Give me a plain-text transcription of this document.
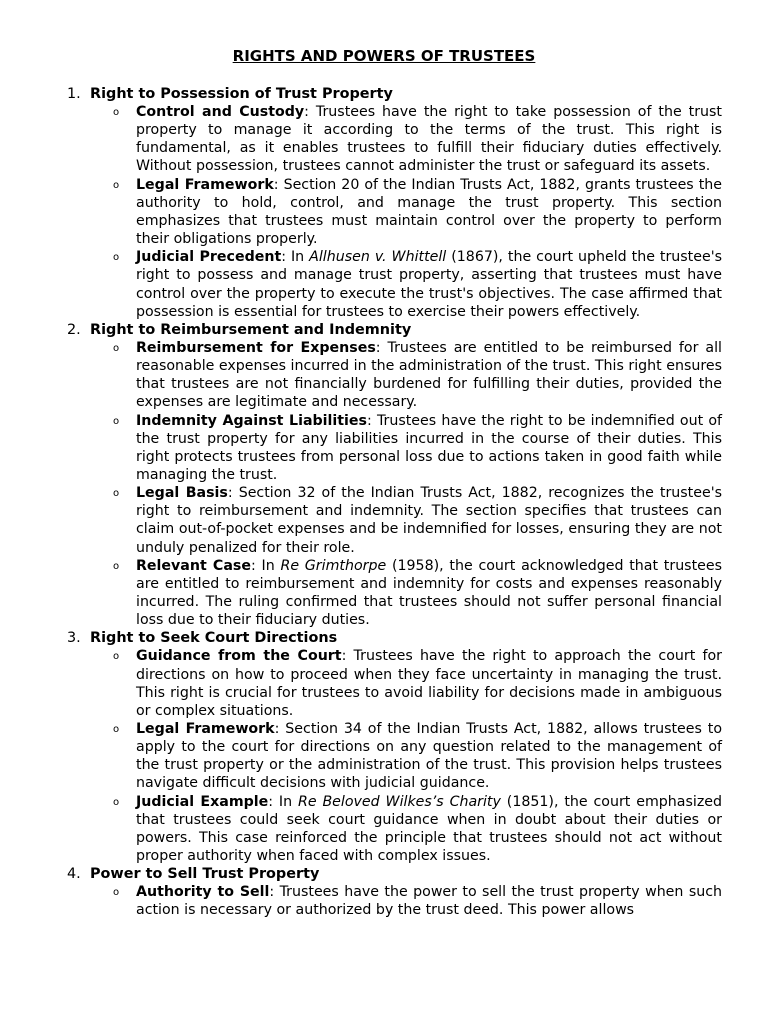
RIGHTS AND POWERS OF TRUSTEES
1. Right to Possession of Trust Property
o Control and Custody: Trustees have the right to take possession of the trust property to manage it according to the terms of the trust. This right is fundamental, as it enables trustees to fulfill their fiduciary duties effectively. Without possession, trustees cannot administer the trust or safeguard its assets.
o Legal Framework: Section 20 of the Indian Trusts Act, 1882, grants trustees the authority to hold, control, and manage the trust property. This section emphasizes that trustees must maintain control over the property to perform their obligations properly.
o Judicial Precedent: In Allhusen v. Whittell (1867), the court upheld the trustee's right to possess and manage trust property, asserting that trustees must have control over the property to execute the trust's objectives. The case affirmed that possession is essential for trustees to exercise their powers effectively.
2. Right to Reimbursement and Indemnity
o Reimbursement for Expenses: Trustees are entitled to be reimbursed for all reasonable expenses incurred in the administration of the trust. This right ensures that trustees are not financially burdened for fulfilling their duties, provided the expenses are legitimate and necessary.
o Indemnity Against Liabilities: Trustees have the right to be indemnified out of the trust property for any liabilities incurred in the course of their duties. This right protects trustees from personal loss due to actions taken in good faith while managing the trust.
o Legal Basis: Section 32 of the Indian Trusts Act, 1882, recognizes the trustee's right to reimbursement and indemnity. The section specifies that trustees can claim out-of-pocket expenses and be indemnified for losses, ensuring they are not unduly penalized for their role.
o Relevant Case: In Re Grimthorpe (1958), the court acknowledged that trustees are entitled to reimbursement and indemnity for costs and expenses reasonably incurred. The ruling confirmed that trustees should not suffer personal financial loss due to their fiduciary duties.
3. Right to Seek Court Directions
o Guidance from the Court: Trustees have the right to approach the court for directions on how to proceed when they face uncertainty in managing the trust. This right is crucial for trustees to avoid liability for decisions made in ambiguous or complex situations.
o Legal Framework: Section 34 of the Indian Trusts Act, 1882, allows trustees to apply to the court for directions on any question related to the management of the trust property or the administration of the trust. This provision helps trustees navigate difficult decisions with judicial guidance.
o Judicial Example: In Re Beloved Wilkes’s Charity (1851), the court emphasized that trustees could seek court guidance when in doubt about their duties or powers. This case reinforced the principle that trustees should not act without proper authority when faced with complex issues.
4. Power to Sell Trust Property
o Authority to Sell: Trustees have the power to sell the trust property when such action is necessary or authorized by the trust deed. This power allows
